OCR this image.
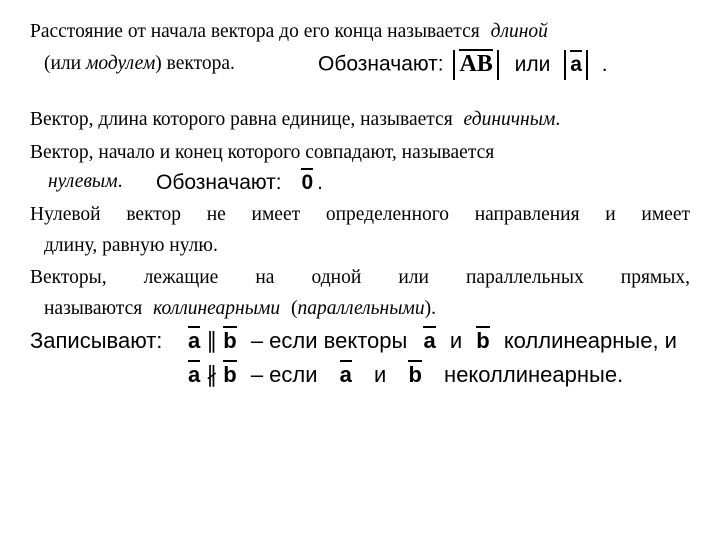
Расстояние от начала вектора до его конца называется длиной
(или модулем) вектора.	Обозначают: AB или a .
Вектор, длина которого равна единице, называется единичным.
Вектор, начало и конец которого совпадают, называется
нулевым. Обозначают: 0 .
Нулевой вектор не имеет определенного направления и имеет
длину, равную нулю.
Векторы, лежащие на одной или параллельных прямых,
называются коллинеарными (параллельными).
Записывают: a ∥ b – если векторы a и b коллинеарные, и
a ∦ b – если a и b неколлинеарные.
